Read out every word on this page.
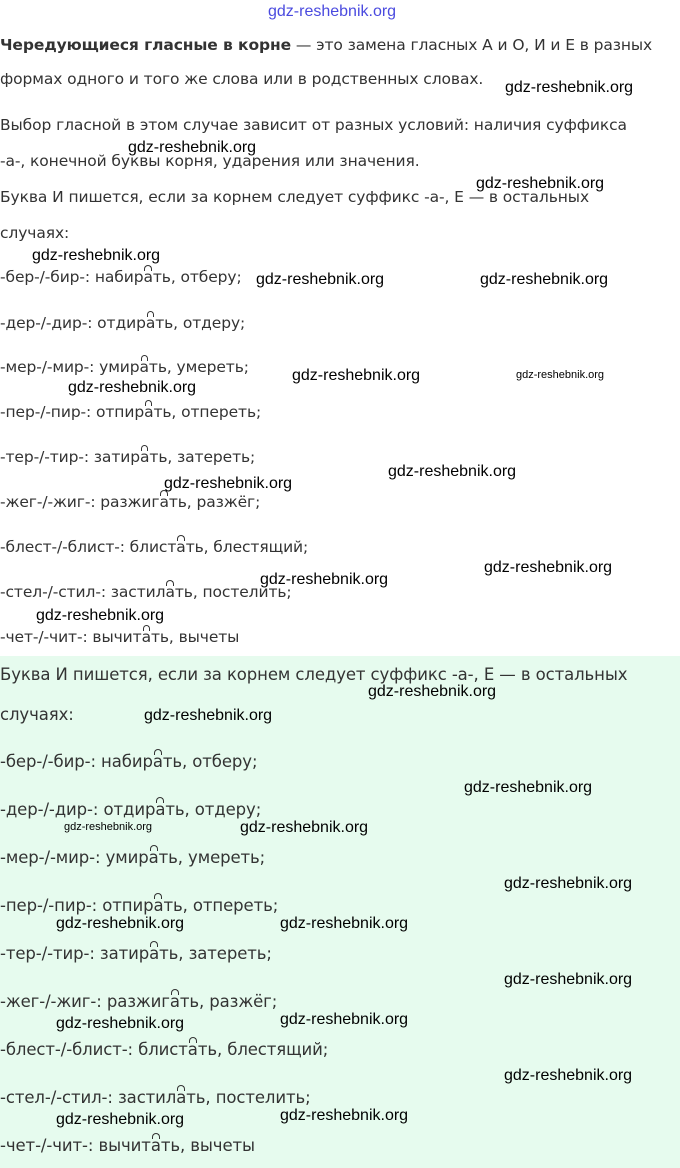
gdz-reshebnik.org
Чередующиеся гласные в корне — это замена гласных А и О, И и Е в разных
формах одного и того же слова или в родственных словах.
Выбор гласной в этом случае зависит от разных условий: наличия суффикса
-а-, конечной буквы корня, ударения или значения.
Буква И пишется, если за корнем следует суффикс -а-, Е — в остальных
случаях:
-бер-/-бир-: набирать, отберу;
-дер-/-дир-: отдирать, отдеру;
-мер-/-мир-: умирать, умереть;
-пер-/-пир-: отпирать, отпереть;
-тер-/-тир-: затирать, затереть;
-жег-/-жиг-: разжигать, разжёг;
-блест-/-блист-: блистать, блестящий;
-стел-/-стил-: застилать, постелить;
-чет-/-чит-: вычитать, вычеты
Буква И пишется, если за корнем следует суффикс -а-, Е — в остальных
случаях:
-бер-/-бир-: набирать, отберу;
-дер-/-дир-: отдирать, отдеру;
-мер-/-мир-: умирать, умереть;
-пер-/-пир-: отпирать, отпереть;
-тер-/-тир-: затирать, затереть;
-жег-/-жиг-: разжигать, разжёг;
-блест-/-блист-: блистать, блестящий;
-стел-/-стил-: застилать, постелить;
-чет-/-чит-: вычитать, вычеты
gdz-reshebnik.org
gdz-reshebnik.org
gdz-reshebnik.org
gdz-reshebnik.org
gdz-reshebnik.org	gdz-reshebnik.org
gdz-reshebnik.org	gdz-reshebnik.org
gdz-reshebnik.org
gdz-reshebnik.org
gdz-reshebnik.org
gdz-reshebnik.org
gdz-reshebnik.org
gdz-reshebnik.org
gdz-reshebnik.org
gdz-reshebnik.org
gdz-reshebnik.org
gdz-reshebnik.org	gdz-reshebnik.org
gdz-reshebnik.org
gdz-reshebnik.org	gdz-reshebnik.org
gdz-reshebnik.org
gdz-reshebnik.org
gdz-reshebnik.org
gdz-reshebnik.org
gdz-reshebnik.org
gdz-reshebnik.org
